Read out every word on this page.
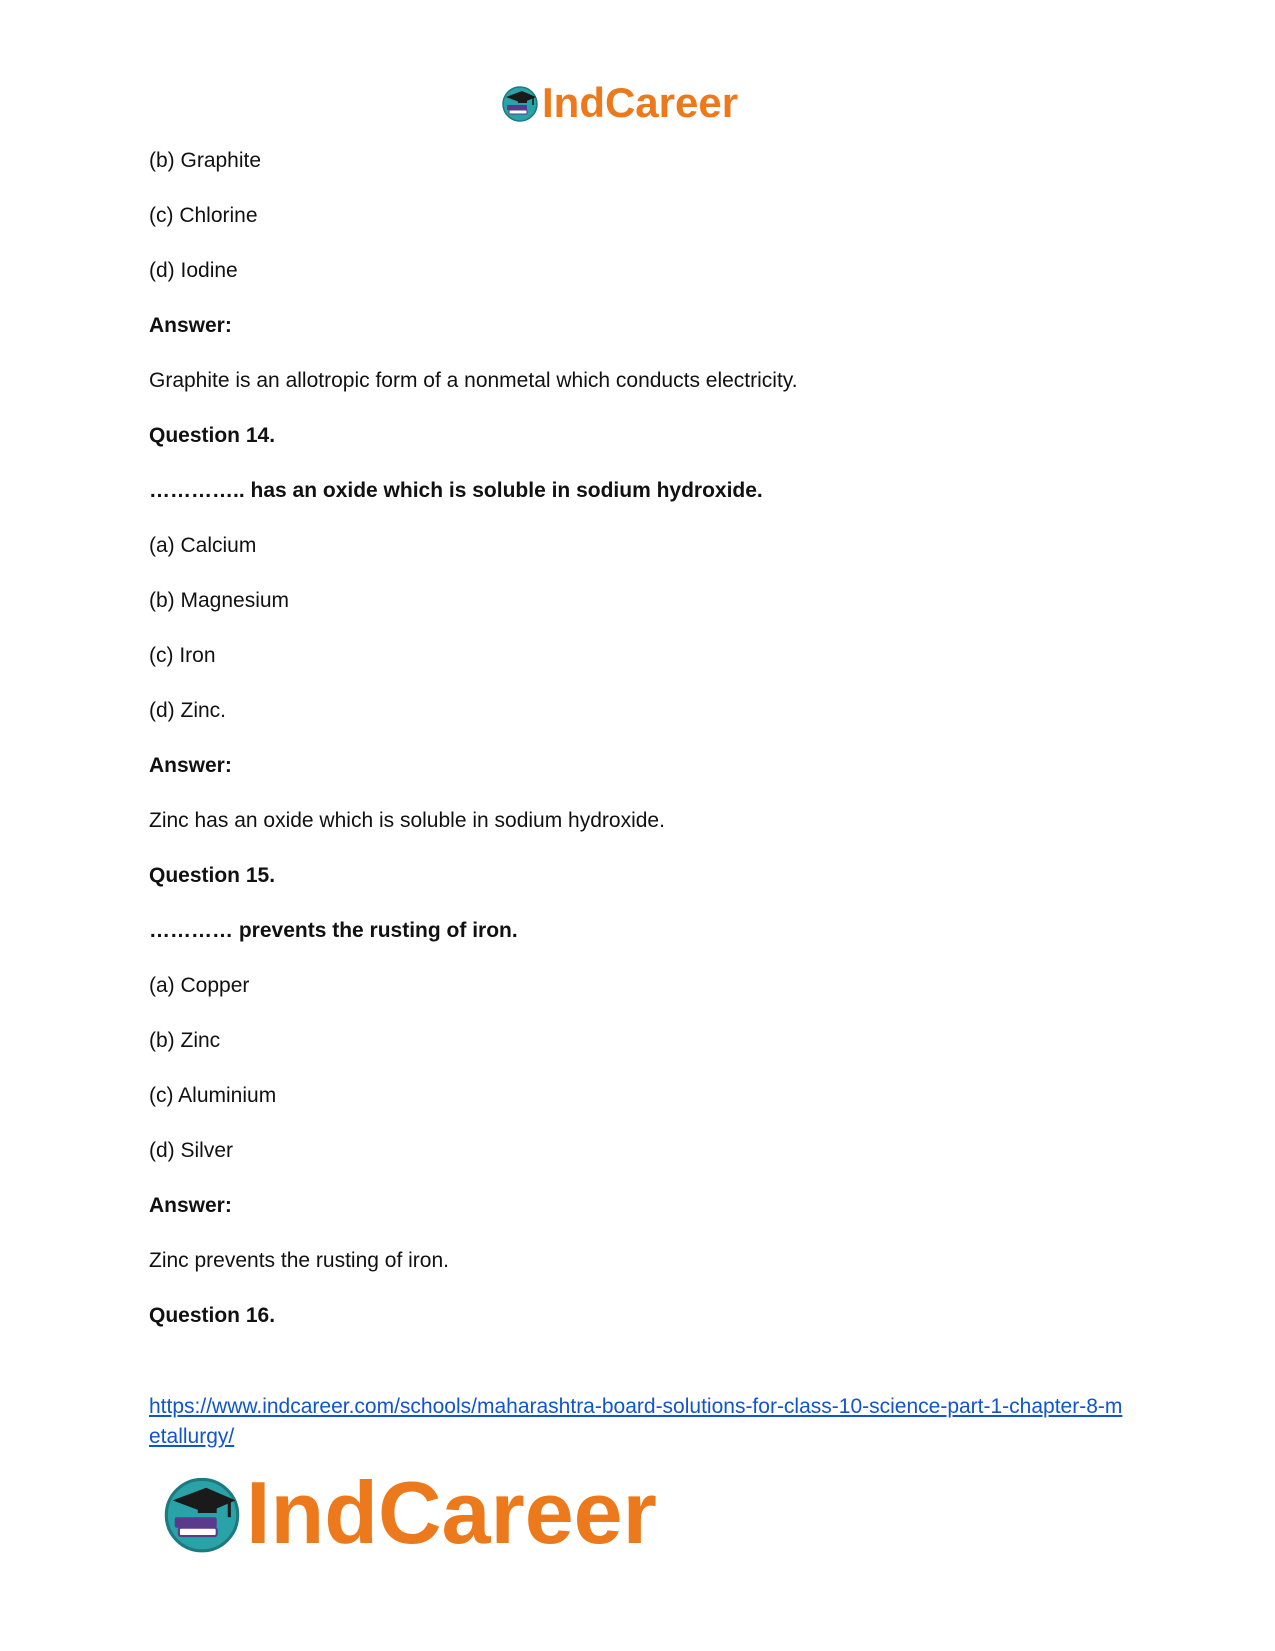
IndCareer
(b) Graphite
(c) Chlorine
(d) Iodine
Answer:
Graphite is an allotropic form of a nonmetal which conducts electricity.
Question 14.
………….. has an oxide which is soluble in sodium hydroxide.
(a) Calcium
(b) Magnesium
(c) Iron
(d) Zinc.
Answer:
Zinc has an oxide which is soluble in sodium hydroxide.
Question 15.
………… prevents the rusting of iron.
(a) Copper
(b) Zinc
(c) Aluminium
(d) Silver
Answer:
Zinc prevents the rusting of iron.
Question 16.
https://www.indcareer.com/schools/maharashtra-board-solutions-for-class-10-science-part-1-chapter-8-metallurgy/
IndCareer
